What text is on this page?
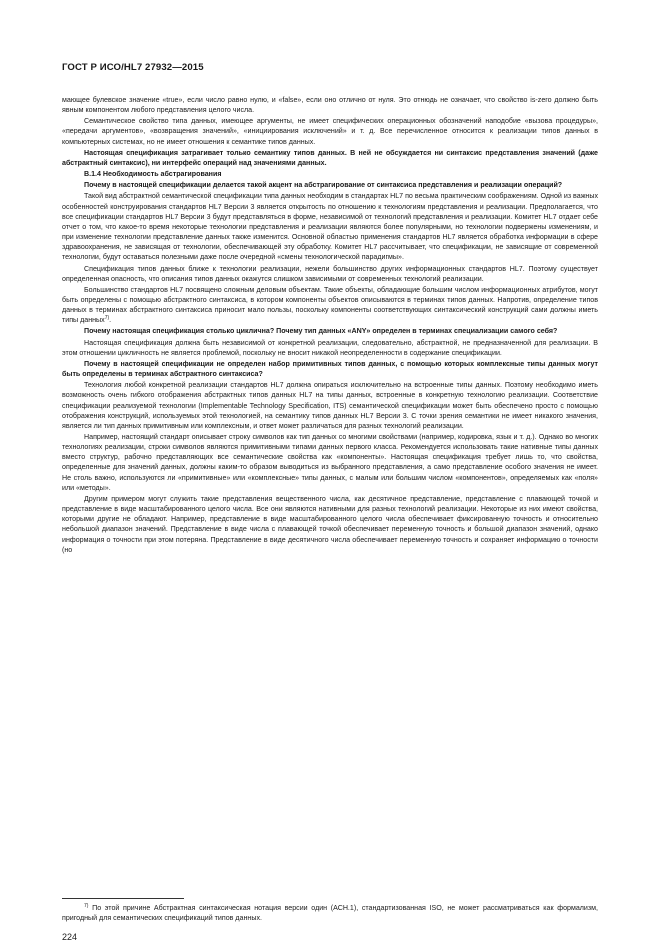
ГОСТ Р ИСО/HL7 27932—2015

мающее булевское значение «true», если число равно нулю, и «false», если оно отлично от нуля. Это отнюдь не означает, что свойство is-zero должно быть явным компонентом любого представления целого числа.

Семантическое свойство типа данных, имеющее аргументы, не имеет специфических операционных обозначений наподобие «вызова процедуры», «передачи аргументов», «возвращения значений», «инициирования исключений» и т. д. Все перечисленное относится к реализации типов данных в компьютерных системах, но не имеет отношения к семантике типов данных.

Настоящая спецификация затрагивает только семантику типов данных. В ней не обсуждается ни синтаксис представления значений (даже абстрактный синтаксис), ни интерфейс операций над значениями данных.

В.1.4 Необходимость абстрагирования

Почему в настоящей спецификации делается такой акцент на абстрагирование от синтаксиса представления и реализации операций?

Такой вид абстрактной семантической спецификации типа данных необходим в стандартах HL7 по весьма практическим соображениям. Одной из важных особенностей конструирования стандартов HL7 Версии 3 является открытость по отношению к технологиям представления и реализации. Предполагается, что все спецификации стандартов HL7 Версии 3 будут представляться в форме, независимой от технологий представления и реализации. Комитет HL7 отдает себе отчет о том, что какое-то время некоторые технологии представления и реализации являются более популярными, но технологии подвержены изменениям, и при изменение технологии представление данных также изменится. Основной областью применения стандартов HL7 является обработка информации в сфере здравоохранения, не зависящая от технологии, обеспечивающей эту обработку. Комитет HL7 рассчитывает, что спецификации, не зависящие от современной технологии, будут оставаться полезными даже после очередной «смены технологической парадигмы».

Спецификация типов данных ближе к технологии реализации, нежели большинство других информационных стандартов HL7. Поэтому существует определенная опасность, что описания типов данных окажутся слишком зависимыми от современных технологий реализации.

Большинство стандартов HL7 посвящено сложным деловым объектам. Такие объекты, обладающие большим числом информационных атрибутов, могут быть определены с помощью абстрактного синтаксиса, в котором компоненты объектов описываются в терминах типов данных. Напротив, определение типов данных в терминах абстрактного синтаксиса приносит мало пользы, поскольку компоненты соответствующих синтаксический конструкций сами должны иметь типы данных$^{7)}$.

Почему настоящая спецификация столько циклична? Почему тип данных «ANY» определен в терминах специализации самого себя?

Настоящая спецификация должна быть независимой от конкретной реализации, следовательно, абстрактной, не предназначенной для реализации. В этом отношении цикличность не является проблемой, поскольку не вносит никакой неопределенности в содержание спецификации.

Почему в настоящей спецификации не определен набор примитивных типов данных, с помощью которых комплексные типы данных могут быть определены в терминах абстрактного синтаксиса?

Технология любой конкретной реализации стандартов HL7 должна опираться исключительно на встроенные типы данных. Поэтому необходимо иметь возможность очень гибкого отображения абстрактных типов данных HL7 на типы данных, встроенные в конкретную технологию реализации. Соответствие спецификации реализуемой технологии (Implementable Technology Specification, ITS) семантической спецификации может быть обеспечено просто с помощью отображения конструкций, используемых этой технологией, на семантику типов данных HL7 Версии 3. С точки зрения семантики не имеет никакого значения, является ли тип данных примитивным или комплексным, и ответ может различаться для разных технологий реализации.

Например, настоящий стандарт описывает строку символов как тип данных со многими свойствами (например, кодировка, язык и т. д.). Однако во многих технологиях реализации, строки символов являются примитивными типами данных первого класса. Рекомендуется использовать такие нативные типы данных вместо структур, рабочно представляющих все семантические свойства как «компоненты». Настоящая спецификация требует лишь то, что свойства, определенные для значений данных, должны каким-то образом выводиться из выбранного представления, а само представление особого значения не имеет. Не столь важно, используются ли «примитивные» или «комплексные» типы данных, с малым или большим числом «компонентов», определяемых как «поля» или «методы».

Другим примером могут служить такие представления вещественного числа, как десятичное представление, представление с плавающей точкой и представление в виде масштабированного целого числа. Все они являются нативными для разных технологий реализации. Некоторые из них имеют свойства, которыми другие не обладают. Например, представление в виде масштабированного целого числа обеспечивает фиксированную точность и относительно небольшой диапазон значений. Представление в виде числа с плавающей точкой обеспечивает переменную точность и большой диапазон значений, однако информация о точности при этом потеряна. Представление в виде десятичного числа обеспечивает переменную точность и сохраняет информацию о точности (но

$^{7)}$ По этой причине Абстрактная синтаксическая нотация версии один (АСН.1), стандартизованная ISO, не может рассматриваться как формализм, пригодный для семантических спецификаций типов данных.
224
